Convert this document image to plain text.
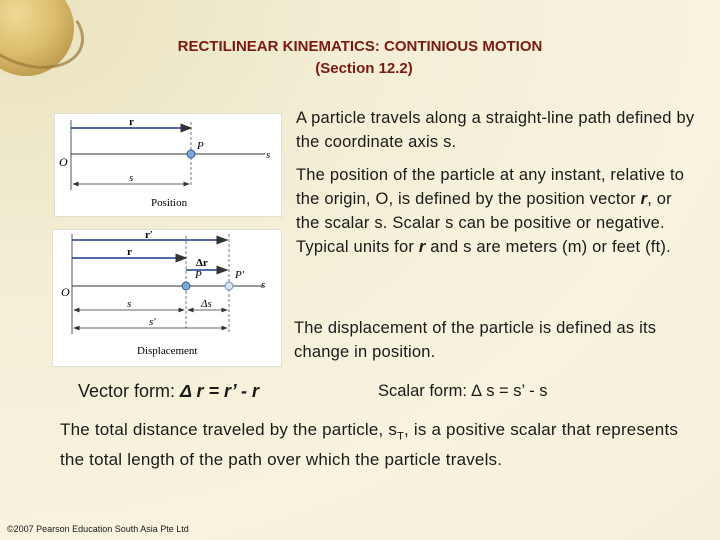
RECTILINEAR KINEMATICS: CONTINIOUS MOTION
(Section 12.2)
r
O
P
s
s
Position
r′
r
Δr
O
P	P′
s
s	Δs
s′
Displacement
A particle travels along a straight-line path defined by the coordinate axis s.
The position of the particle at any instant, relative to the origin, O, is defined by the position vector r, or the scalar s. Scalar s can be positive or negative. Typical units for r and s are meters (m) or feet (ft).
The displacement of the particle is defined as its change in position.
Vector form: Δ r = r’ - r	Scalar form: ∆ s = s’ - s
The total distance traveled by the particle, $s_T$, is a positive scalar that represents the total length of the path over which the particle travels.
©2007 Pearson Education South Asia Pte Ltd
